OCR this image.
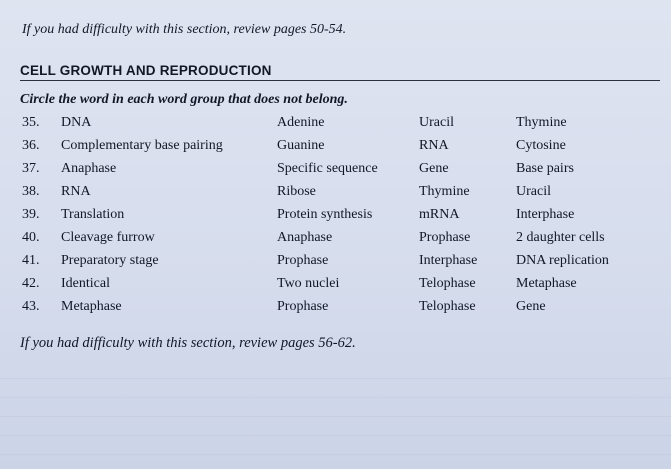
If you had difficulty with this section, review pages 50-54.
CELL GROWTH AND REPRODUCTION
Circle the word in each word group that does not belong.
35. DNA	Adenine	Uracil	Thymine
36. Complementary base pairing	Guanine	RNA	Cytosine
37. Anaphase	Specific sequence	Gene	Base pairs
38. RNA	Ribose	Thymine	Uracil
39. Translation	Protein synthesis	mRNA	Interphase
40. Cleavage furrow	Anaphase	Prophase	2 daughter cells
41. Preparatory stage	Prophase	Interphase	DNA replication
42. Identical	Two nuclei	Telophase	Metaphase
43. Metaphase	Prophase	Telophase	Gene
If you had difficulty with this section, review pages 56-62.
